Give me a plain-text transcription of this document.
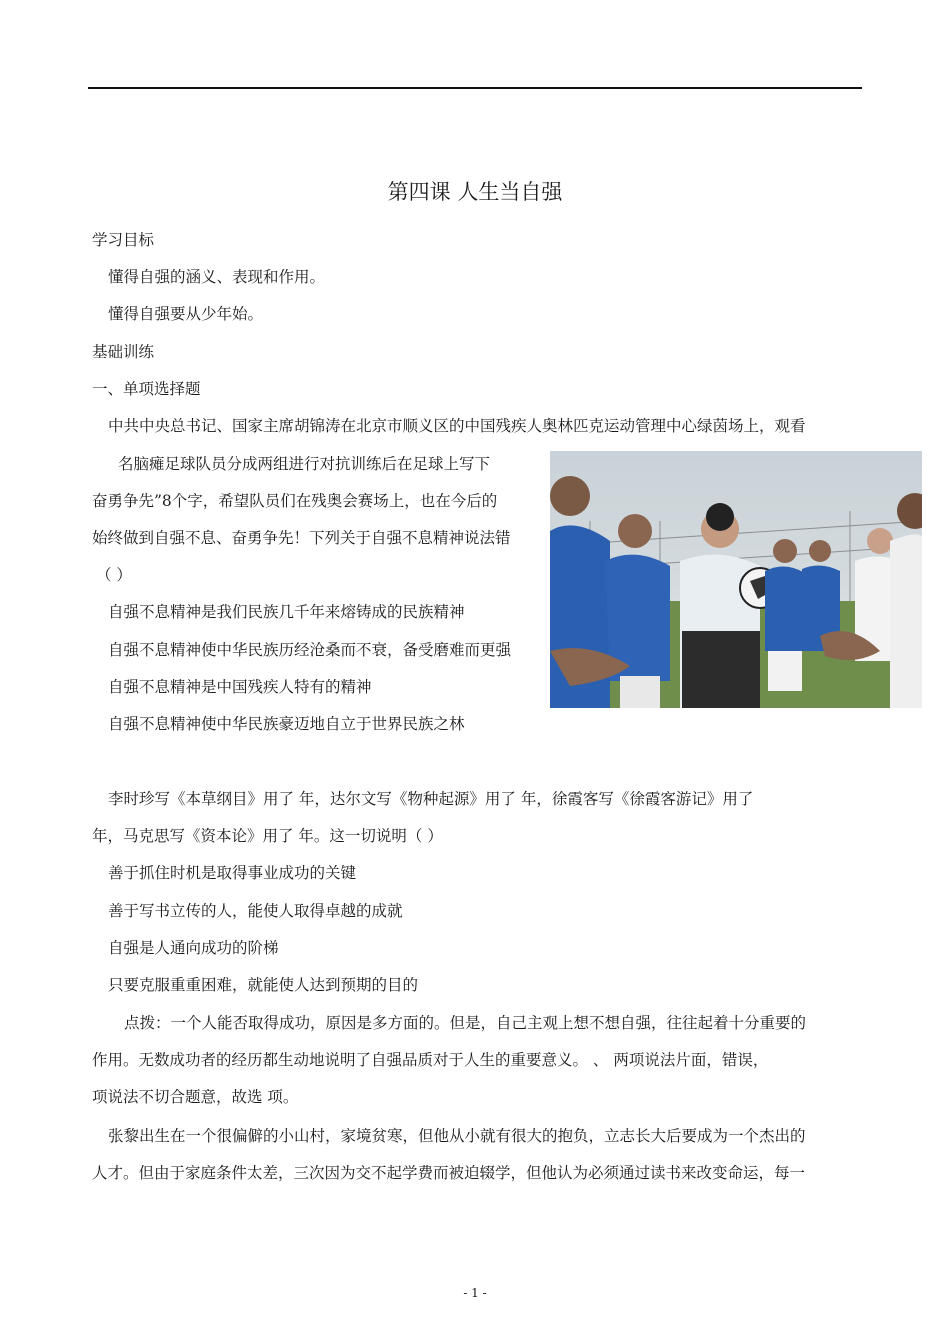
第四课 人生当自强
学习目标
懂得自强的涵义、表现和作用。
懂得自强要从少年始。
基础训练
一、单项选择题
中共中央总书记、国家主席胡锦涛在北京市顺义区的中国残疾人奥林匹克运动管理中心绿茵场上，观看
名脑瘫足球队员分成两组进行对抗训练后在足球上写下
奋勇争先”8个字，希望队员们在残奥会赛场上，也在今后的
始终做到自强不息、奋勇争先！下列关于自强不息精神说法错
（ ）
自强不息精神是我们民族几千年来熔铸成的民族精神
自强不息精神使中华民族历经沧桑而不衰，备受磨难而更强
自强不息精神是中国残疾人特有的精神
自强不息精神使中华民族豪迈地自立于世界民族之林
李时珍写《本草纲目》用了 年，达尔文写《物种起源》用了 年，徐霞客写《徐霞客游记》用了
年，马克思写《资本论》用了 年。这一切说明（ ）
善于抓住时机是取得事业成功的关键
善于写书立传的人，能使人取得卓越的成就
自强是人通向成功的阶梯
只要克服重重困难，就能使人达到预期的目的
点拨：一个人能否取得成功，原因是多方面的。但是，自己主观上想不想自强，往往起着十分重要的
作用。无数成功者的经历都生动地说明了自强品质对于人生的重要意义。 、 两项说法片面，错误，
项说法不切合题意，故选 项。
张黎出生在一个很偏僻的小山村，家境贫寒，但他从小就有很大的抱负，立志长大后要成为一个杰出的
人才。但由于家庭条件太差，三次因为交不起学费而被迫辍学，但他认为必须通过读书来改变命运，每一
- 1 -
